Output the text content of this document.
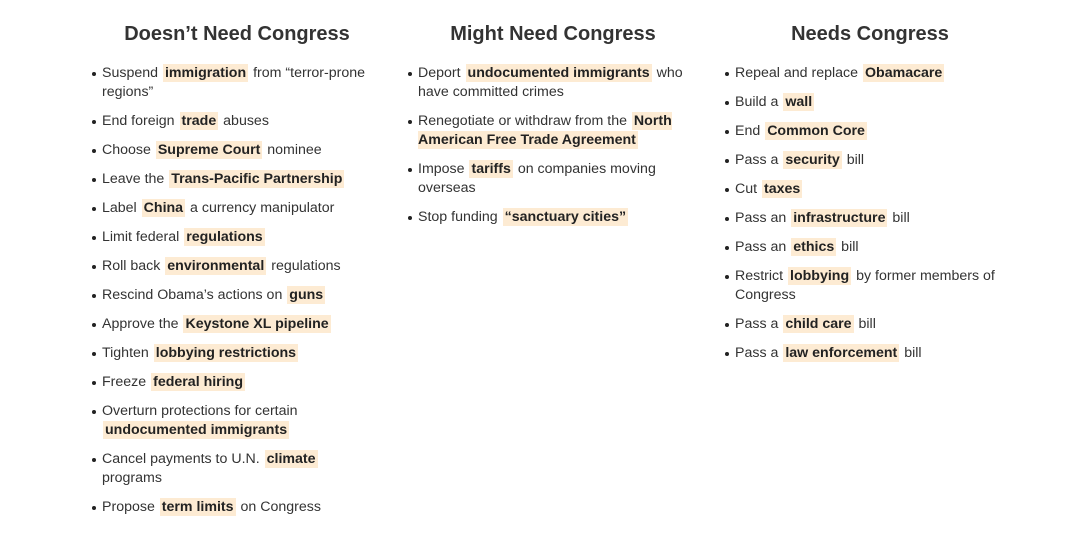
Doesn’t Need Congress
Suspend immigration from “terror-prone regions”
End foreign trade abuses
Choose Supreme Court nominee
Leave the Trans-Pacific Partnership
Label China a currency manipulator
Limit federal regulations
Roll back environmental regulations
Rescind Obama’s actions on guns
Approve the Keystone XL pipeline
Tighten lobbying restrictions
Freeze federal hiring
Overturn protections for certain undocumented immigrants
Cancel payments to U.N. climate programs
Propose term limits on Congress
Might Need Congress
Deport undocumented immigrants who have committed crimes
Renegotiate or withdraw from the North American Free Trade Agreement
Impose tariffs on companies moving overseas
Stop funding “sanctuary cities”
Needs Congress
Repeal and replace Obamacare
Build a wall
End Common Core
Pass a security bill
Cut taxes
Pass an infrastructure bill
Pass an ethics bill
Restrict lobbying by former members of Congress
Pass a child care bill
Pass a law enforcement bill
